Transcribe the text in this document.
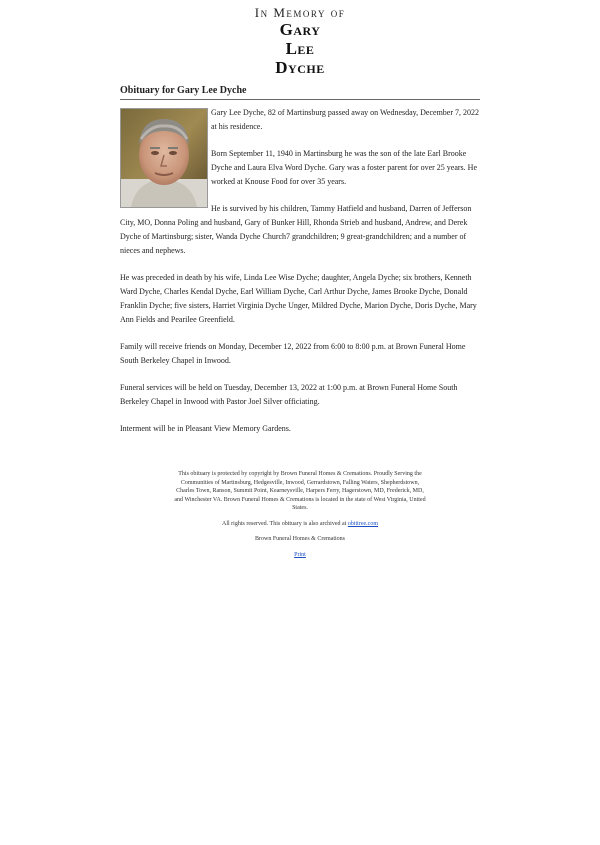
In Memory of
Gary
Lee
Dyche
Obituary for Gary Lee Dyche

Gary Lee Dyche, 82 of Martinsburg passed away on Wednesday, December 7, 2022 at his residence.

Born September 11, 1940 in Martinsburg he was the son of the late Earl Brooke Dyche and Laura Elva Word Dyche. Gary was a foster parent for over 25 years. He worked at Knouse Food for over 35 years.

He is survived by his children, Tammy Hatfield and husband, Darren of Jefferson City, MO, Donna Poling and husband, Gary of Bunker Hill, Rhonda Strieb and husband, Andrew, and Derek Dyche of Martinsburg; sister, Wanda Dyche Church7 grandchildren; 9 great-grandchildren; and a number of nieces and nephews.

He was preceded in death by his wife, Linda Lee Wise Dyche; daughter, Angela Dyche; six brothers, Kenneth Ward Dyche, Charles Kendal Dyche, Earl William Dyche, Carl Arthur Dyche, James Brooke Dyche, Donald Franklin Dyche; five sisters, Harriet Virginia Dyche Unger, Mildred Dyche, Marion Dyche, Doris Dyche, Mary Ann Fields and Pearilee Greenfield.

Family will receive friends on Monday, December 12, 2022 from 6:00 to 8:00 p.m. at Brown Funeral Home South Berkeley Chapel in Inwood.

Funeral services will be held on Tuesday, December 13, 2022 at 1:00 p.m. at Brown Funeral Home South Berkeley Chapel in Inwood with Pastor Joel Silver officiating.

Interment will be in Pleasant View Memory Gardens.

This obituary is protected by copyright by Brown Funeral Homes & Cremations. Proudly Serving the Communities of Martinsburg, Hedgesville, Inwood, Gerrardstown, Falling Waters, Shepherdstown, Charles Town, Ranson, Summit Point, Kearneysville, Harpers Ferry, Hagerstown, MD, Frederick, MD, and Winchester VA. Brown Funeral Homes & Cremations is located in the state of West Virginia, United States.

All rights reserved. This obituary is also archived at obittree.com

Brown Funeral Homes & Cremations

Print
